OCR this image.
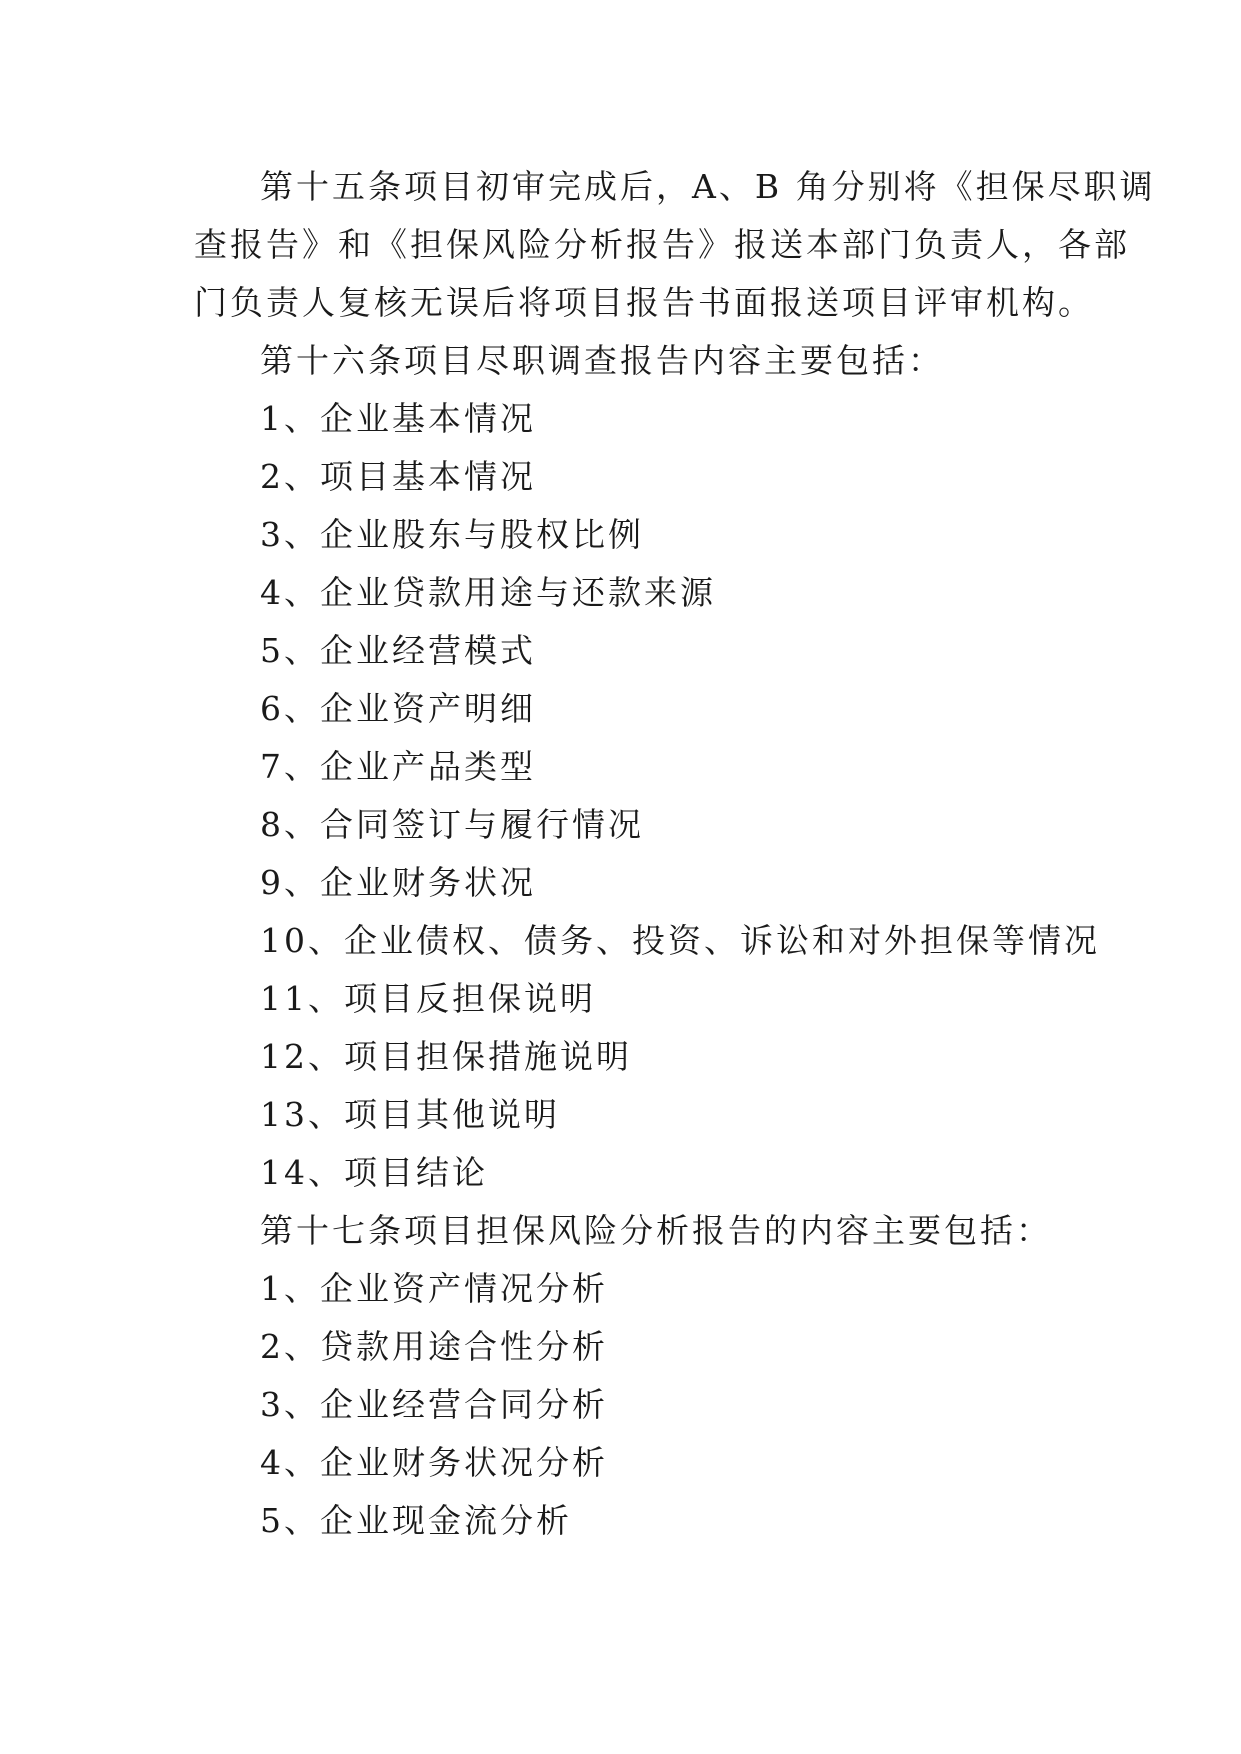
第十五条项目初审完成后，A、B 角分别将《担保尽职调
查报告》和《担保风险分析报告》报送本部门负责人，各部
门负责人复核无误后将项目报告书面报送项目评审机构。
第十六条项目尽职调查报告内容主要包括：
1、企业基本情况
2、项目基本情况
3、企业股东与股权比例
4、企业贷款用途与还款来源
5、企业经营模式
6、企业资产明细
7、企业产品类型
8、合同签订与履行情况
9、企业财务状况
10、企业债权、债务、投资、诉讼和对外担保等情况
11、项目反担保说明
12、项目担保措施说明
13、项目其他说明
14、项目结论
第十七条项目担保风险分析报告的内容主要包括：
1、企业资产情况分析
2、贷款用途合性分析
3、企业经营合同分析
4、企业财务状况分析
5、企业现金流分析
